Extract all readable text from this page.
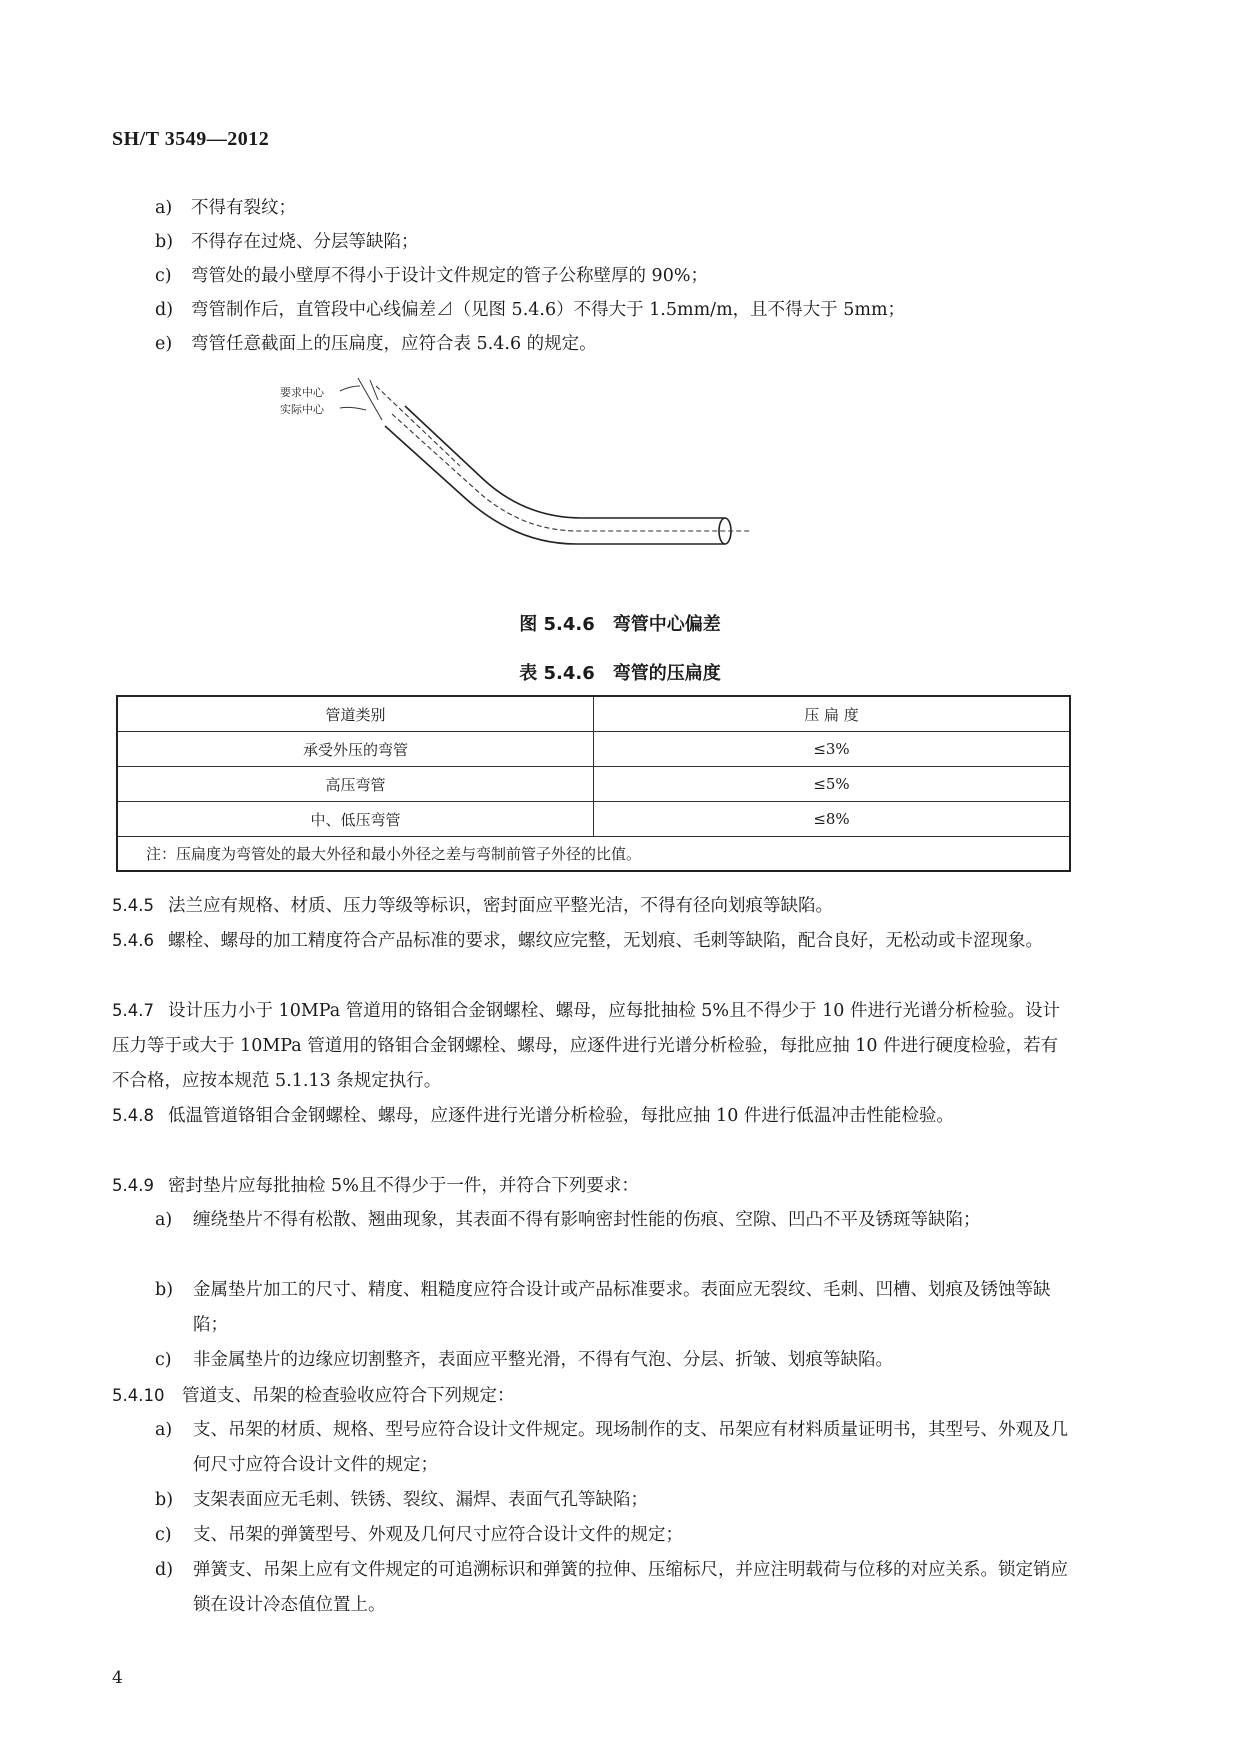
SH/T 3549—2012
a) 不得有裂纹；
b) 不得存在过烧、分层等缺陷；
c) 弯管处的最小壁厚不得小于设计文件规定的管子公称壁厚的 90%；
d) 弯管制作后，直管段中心线偏差⊿（见图 5.4.6）不得大于 1.5mm/m，且不得大于 5mm；
e) 弯管任意截面上的压扁度，应符合表 5.4.6 的规定。
要求中心
实际中心
图 5.4.6　弯管中心偏差
表 5.4.6　弯管的压扁度
管道类别	压 扁 度
承受外压的弯管	≤3%
高压弯管	≤5%
中、低压弯管	≤8%
注：压扁度为弯管处的最大外径和最小外径之差与弯制前管子外径的比值。	
5.4.5 法兰应有规格、材质、压力等级等标识，密封面应平整光洁，不得有径向划痕等缺陷。
5.4.6 螺栓、螺母的加工精度符合产品标准的要求，螺纹应完整，无划痕、毛刺等缺陷，配合良好，无松动或卡涩现象。
5.4.7 设计压力小于 10MPa 管道用的铬钼合金钢螺栓、螺母，应每批抽检 5%且不得少于 10 件进行光谱分析检验。设计压力等于或大于 10MPa 管道用的铬钼合金钢螺栓、螺母，应逐件进行光谱分析检验，每批应抽 10 件进行硬度检验，若有不合格，应按本规范 5.1.13 条规定执行。
5.4.8 低温管道铬钼合金钢螺栓、螺母，应逐件进行光谱分析检验，每批应抽 10 件进行低温冲击性能检验。
5.4.9 密封垫片应每批抽检 5%且不得少于一件，并符合下列要求：
a)	缠绕垫片不得有松散、翘曲现象，其表面不得有影响密封性能的伤痕、空隙、凹凸不平及锈斑等缺陷；
b)	金属垫片加工的尺寸、精度、粗糙度应符合设计或产品标准要求。表面应无裂纹、毛刺、凹槽、划痕及锈蚀等缺陷；
c)	非金属垫片的边缘应切割整齐，表面应平整光滑，不得有气泡、分层、折皱、划痕等缺陷。
5.4.10 管道支、吊架的检查验收应符合下列规定：
a)	支、吊架的材质、规格、型号应符合设计文件规定。现场制作的支、吊架应有材料质量证明书，其型号、外观及几何尺寸应符合设计文件的规定；
b)	支架表面应无毛刺、铁锈、裂纹、漏焊、表面气孔等缺陷；
c)	支、吊架的弹簧型号、外观及几何尺寸应符合设计文件的规定；
d)	弹簧支、吊架上应有文件规定的可追溯标识和弹簧的拉伸、压缩标尺，并应注明载荷与位移的对应关系。锁定销应锁在设计冷态值位置上。
4
